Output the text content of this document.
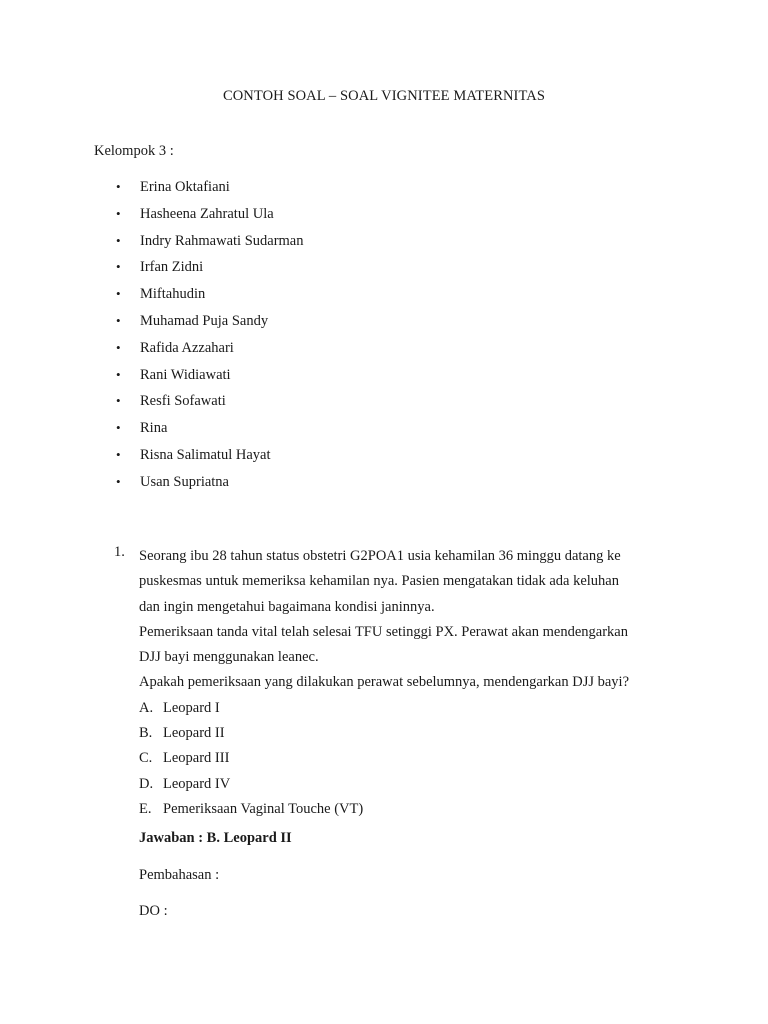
CONTOH SOAL – SOAL VIGNITEE MATERNITAS
Kelompok 3 :
• Erina Oktafiani
• Hasheena Zahratul Ula
• Indry Rahmawati Sudarman
• Irfan Zidni
• Miftahudin
• Muhamad Puja Sandy
• Rafida Azzahari
• Rani Widiawati
• Resfi Sofawati
• Rina
• Risna Salimatul Hayat
• Usan Supriatna
1. Seorang ibu 28 tahun status obstetri G2POA1 usia kehamilan 36 minggu datang ke
puskesmas untuk memeriksa kehamilan nya. Pasien mengatakan tidak ada keluhan
dan ingin mengetahui bagaimana kondisi janinnya.
Pemeriksaan tanda vital telah selesai TFU setinggi PX. Perawat akan mendengarkan
DJJ bayi menggunakan leanec.
Apakah pemeriksaan yang dilakukan perawat sebelumnya, mendengarkan DJJ bayi?
A. Leopard I
B. Leopard II
C. Leopard III
D. Leopard IV
E. Pemeriksaan Vaginal Touche (VT)
Jawaban : B. Leopard II
Pembahasan :
DO :
